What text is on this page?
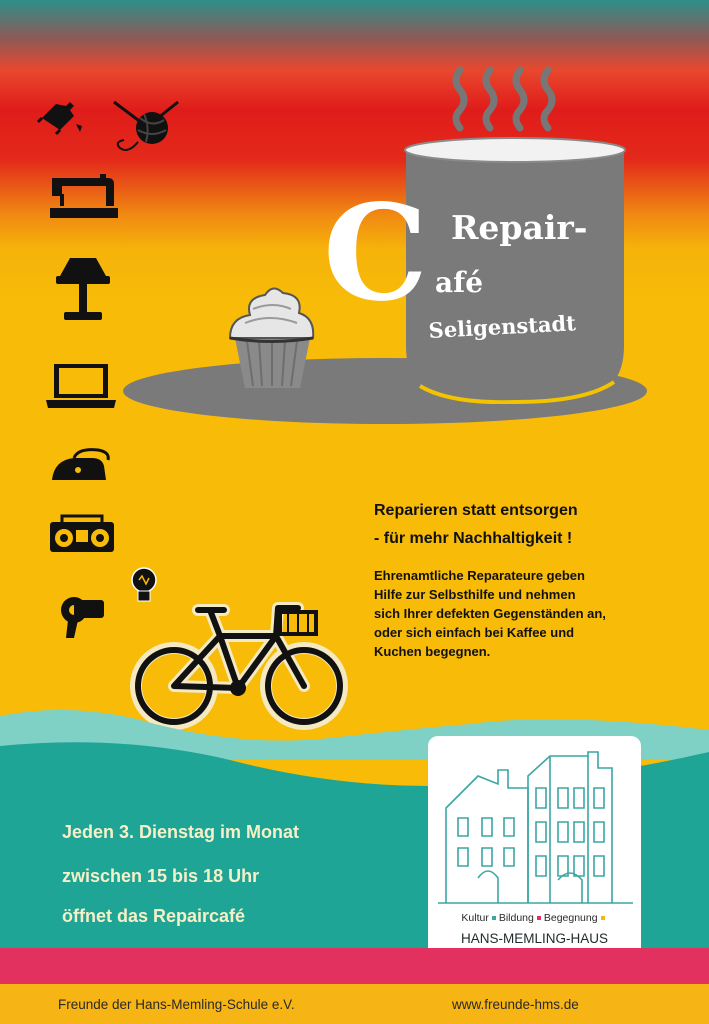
C Repair-
afé
Seligenstadt
Reparieren statt entsorgen
- für mehr Nachhaltigkeit !
Ehrenamtliche Reparateure geben
Hilfe zur Selbsthilfe und nehmen
sich Ihrer defekten Gegenständen an,
oder sich einfach bei Kaffee und
Kuchen begegnen.
Jeden 3. Dienstag im Monat
zwischen 15 bis 18 Uhr
öffnet das Repaircafé	Kultur Bildung Begegnung
HANS-MEMLING-HAUS
Freunde der Hans-Memling-Schule e.V.	www.freunde-hms.de
